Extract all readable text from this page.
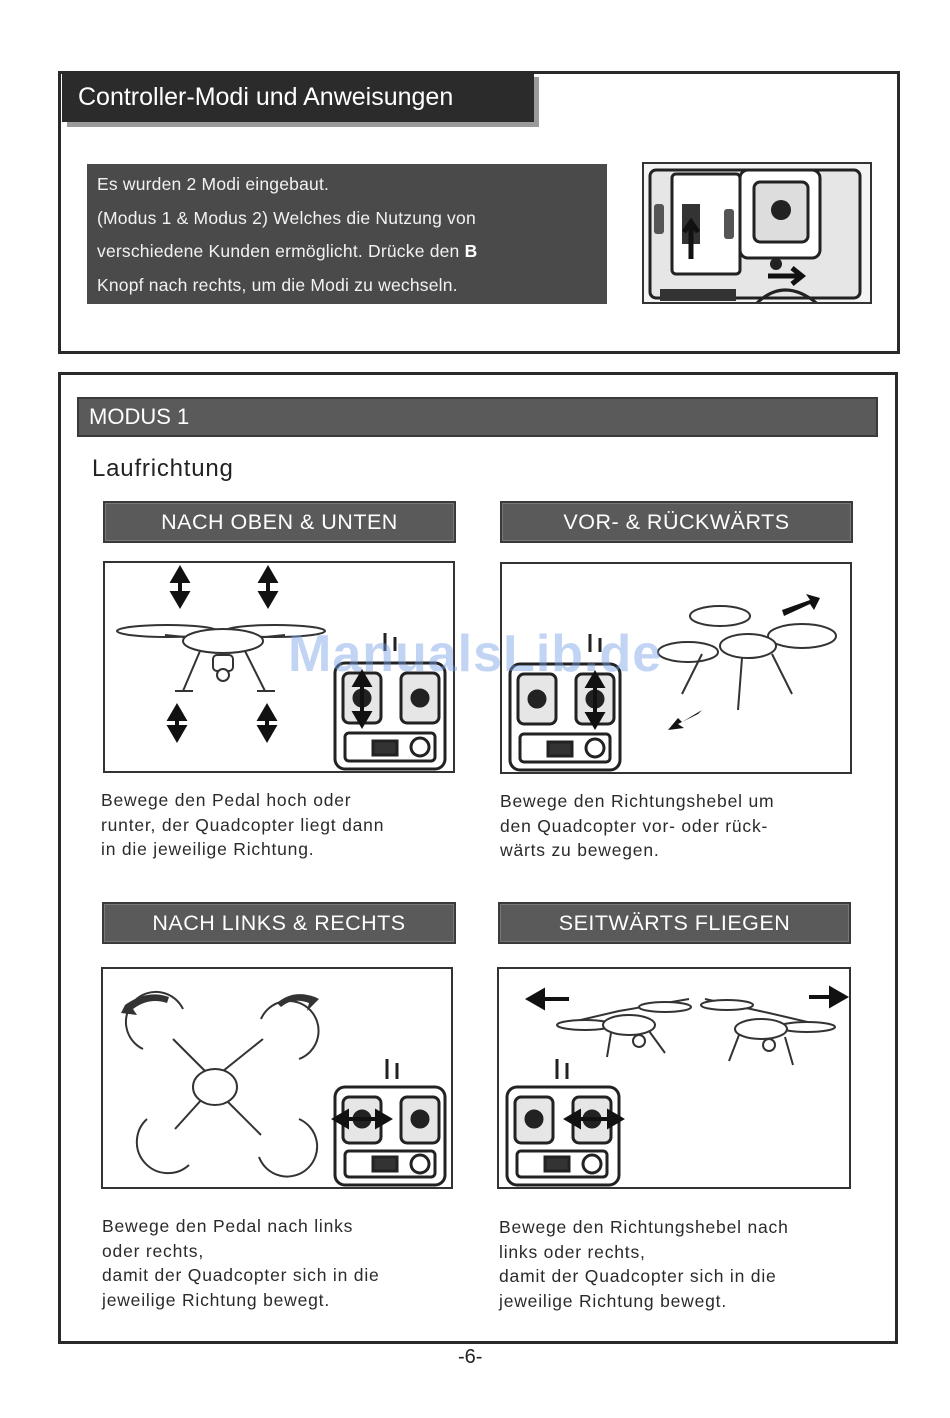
Controller-Modi und Anweisungen
Es wurden 2 Modi eingebaut.
(Modus 1 & Modus 2) Welches die Nutzung von
verschiedene Kunden ermöglicht. Drücke den B
Knopf nach rechts, um die Modi zu wechseln.
MODUS 1
Laufrichtung
NACH OBEN & UNTEN
Bewege den Pedal hoch oder
runter, der Quadcopter liegt dann
in die jeweilige Richtung.
VOR- & RÜCKWÄRTS
Bewege den Richtungshebel um
den Quadcopter vor- oder rück-
wärts zu bewegen.
NACH LINKS & RECHTS
Bewege den Pedal nach links
oder rechts,
damit der Quadcopter sich in die
jeweilige Richtung bewegt.
SEITWÄRTS FLIEGEN
Bewege den Richtungshebel nach
links oder rechts,
damit der Quadcopter sich in die
jeweilige Richtung bewegt.
ManualsLib.de
-6-
